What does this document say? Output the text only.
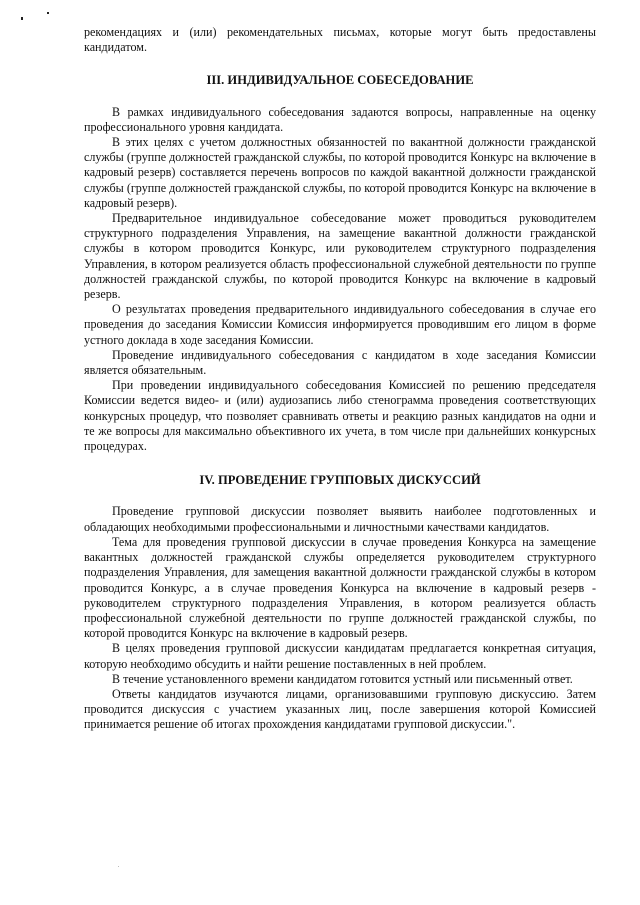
рекомендациях и (или) рекомендательных письмах, которые могут быть предоставлены кандидатом.

III. ИНДИВИДУАЛЬНОЕ СОБЕСЕДОВАНИЕ

В рамках индивидуального собеседования задаются вопросы, направленные на оценку профессионального уровня кандидата.

В этих целях с учетом должностных обязанностей по вакантной должности гражданской службы (группе должностей гражданской службы, по которой проводится Конкурс на включение в кадровый резерв) составляется перечень вопросов по каждой вакантной должности гражданской службы (группе должностей гражданской службы, по которой проводится Конкурс на включение в кадровый резерв).

Предварительное индивидуальное собеседование может проводиться руководителем структурного подразделения Управления, на замещение вакантной должности гражданской службы в котором проводится Конкурс, или руководителем структурного подразделения Управления, в котором реализуется область профессиональной служебной деятельности по группе должностей гражданской службы, по которой проводится Конкурс на включение в кадровый резерв.

О результатах проведения предварительного индивидуального собеседования в случае его проведения до заседания Комиссии Комиссия информируется проводившим его лицом в форме устного доклада в ходе заседания Комиссии.

Проведение индивидуального собеседования с кандидатом в ходе заседания Комиссии является обязательным.

При проведении индивидуального собеседования Комиссией по решению председателя Комиссии ведется видео- и (или) аудиозапись либо стенограмма проведения соответствующих конкурсных процедур, что позволяет сравнивать ответы и реакцию разных кандидатов на одни и те же вопросы для максимально объективного их учета, в том числе при дальнейших конкурсных процедурах.

IV. ПРОВЕДЕНИЕ ГРУППОВЫХ ДИСКУССИЙ

Проведение групповой дискуссии позволяет выявить наиболее подготовленных и обладающих необходимыми профессиональными и личностными качествами кандидатов.

Тема для проведения групповой дискуссии в случае проведения Конкурса на замещение вакантных должностей гражданской службы определяется руководителем структурного подразделения Управления, для замещения вакантной должности гражданской службы в котором проводится Конкурс, а в случае проведения Конкурса на включение в кадровый резерв - руководителем структурного подразделения Управления, в котором реализуется область профессиональной служебной деятельности по группе должностей гражданской службы, по которой проводится Конкурс на включение в кадровый резерв.

В целях проведения групповой дискуссии кандидатам предлагается конкретная ситуация, которую необходимо обсудить и найти решение поставленных в ней проблем.

В течение установленного времени кандидатом готовится устный или письменный ответ.

Ответы кандидатов изучаются лицами, организовавшими групповую дискуссию. Затем проводится дискуссия с участием указанных лиц, после завершения которой Комиссией принимается решение об итогах прохождения кандидатами групповой дискуссии.".
